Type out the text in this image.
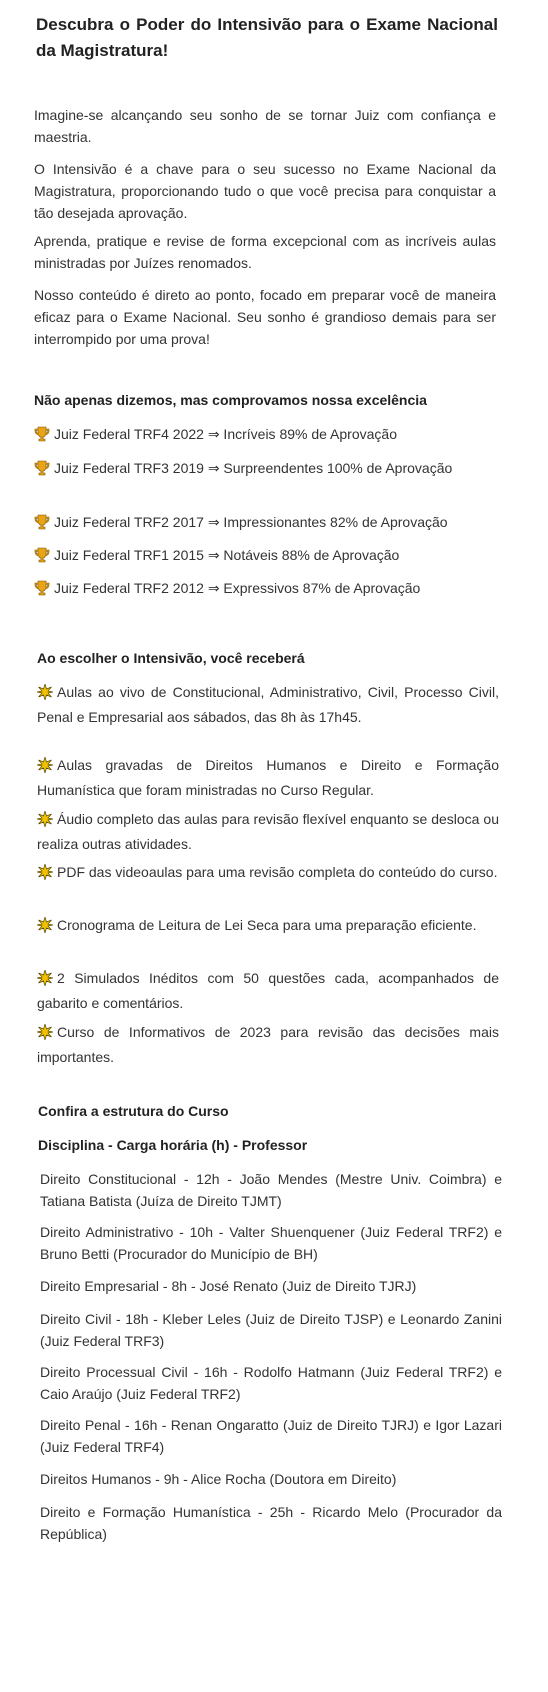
Descubra o Poder do Intensivão para o Exame Nacional da Magistratura!

Imagine-se alcançando seu sonho de se tornar Juiz com confiança e maestria.

O Intensivão é a chave para o seu sucesso no Exame Nacional da Magistratura, proporcionando tudo o que você precisa para conquistar a tão desejada aprovação.

Aprenda, pratique e revise de forma excepcional com as incríveis aulas ministradas por Juízes renomados.

Nosso conteúdo é direto ao ponto, focado em preparar você de maneira eficaz para o Exame Nacional. Seu sonho é grandioso demais para ser interrompido por uma prova!

Não apenas dizemos, mas comprovamos nossa excelência
Juiz Federal TRF4 2022 ⇒ Incríveis 89% de Aprovação
Juiz Federal TRF3 2019 ⇒ Surpreendentes 100% de Aprovação
Juiz Federal TRF2 2017 ⇒ Impressionantes 82% de Aprovação
Juiz Federal TRF1 2015 ⇒ Notáveis 88% de Aprovação
Juiz Federal TRF2 2012 ⇒ Expressivos 87% de Aprovação
Ao escolher o Intensivão, você receberá
Aulas ao vivo de Constitucional, Administrativo, Civil, Processo Civil, Penal e Empresarial aos sábados, das 8h às 17h45.
Aulas gravadas de Direitos Humanos e Direito e Formação Humanística que foram ministradas no Curso Regular.
Áudio completo das aulas para revisão flexível enquanto se desloca ou realiza outras atividades.
PDF das videoaulas para uma revisão completa do conteúdo do curso.
Cronograma de Leitura de Lei Seca para uma preparação eficiente.
2 Simulados Inéditos com 50 questões cada, acompanhados de gabarito e comentários.
Curso de Informativos de 2023 para revisão das decisões mais importantes.
Confira a estrutura do Curso
Disciplina - Carga horária (h) - Professor
Direito Constitucional - 12h - João Mendes (Mestre Univ. Coimbra) e Tatiana Batista (Juíza de Direito TJMT)
Direito Administrativo - 10h - Valter Shuenquener (Juiz Federal TRF2) e Bruno Betti (Procurador do Município de BH)
Direito Empresarial - 8h - José Renato (Juiz de Direito TJRJ)
Direito Civil - 18h - Kleber Leles (Juiz de Direito TJSP) e Leonardo Zanini (Juiz Federal TRF3)
Direito Processual Civil - 16h - Rodolfo Hatmann (Juiz Federal TRF2) e Caio Araújo (Juiz Federal TRF2)
Direito Penal - 16h - Renan Ongaratto (Juiz de Direito TJRJ) e Igor Lazari (Juiz Federal TRF4)
Direitos Humanos - 9h - Alice Rocha (Doutora em Direito)
Direito e Formação Humanística - 25h - Ricardo Melo (Procurador da República)
